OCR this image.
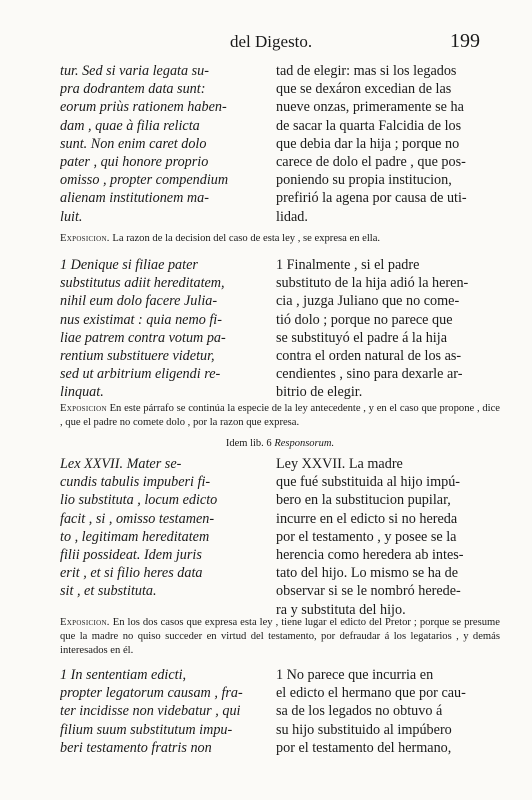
del Digesto.	199
tur. Sed si varia legata su-
pra dodrantem data sunt:
eorum priùs rationem haben-
dam , quae à filia relicta
sunt. Non enim caret dolo
pater , qui honore proprio
omisso , propter compendium
alienam institutionem ma-
luit.
tad de elegir: mas si los legados
que se dexáron excedian de las
nueve onzas, primeramente se ha
de sacar la quarta Falcidia de los
que debia dar la hija ; porque no
carece de dolo el padre , que pos-
poniendo su propia institucion,
prefirió la agena por causa de uti-
lidad.
Exposicion. La razon de la decision del caso de esta ley , se expresa en ella.
1 Denique si filiae pater
substitutus adiit hereditatem,
nihil eum dolo facere Julia-
nus existimat : quia nemo fi-
liae patrem contra votum pa-
rentium substituere videtur,
sed ut arbitrium eligendi re-
linquat.
1 Finalmente , si el padre
substituto de la hija adió la heren-
cia , juzga Juliano que no come-
tió dolo ; porque no parece que
se substituyó el padre á la hija
contra el orden natural de los as-
cendientes , sino para dexarle ar-
bitrio de elegir.
Exposicion En este párrafo se continúa la especie de la ley antecedente , y en el caso que propone , dice , que el padre no comete dolo , por la razon que expresa.
Idem lib. 6 Responsorum.
Lex XXVII. Mater se-
cundis tabulis impuberi fi-
lio substituta , locum edicto
facit , si , omisso testamen-
to , legitimam hereditatem
filii possideat. Idem juris
erit , et si filio heres data
sit , et substituta.
Ley XXVII. La madre
que fué substituida al hijo impú-
bero en la substitucion pupilar,
incurre en el edicto si no hereda
por el testamento , y posee se la
herencia como heredera ab intes-
tato del hijo. Lo mismo se ha de
observar si se le nombró herede-
ra y substituta del hijo.
Exposicion. En los dos casos que expresa esta ley , tiene lugar el edicto del Pretor ; porque se presume que la madre no quiso succeder en virtud del testamento, por defraudar á los legatarios , y demás interesados en él.
1 In sententiam edicti,
propter legatorum causam , fra-
ter incidisse non videbatur , qui
filium suum substitutum impu-
beri testamento fratris non
1 No parece que incurria en
el edicto el hermano que por cau-
sa de los legados no obtuvo á
su hijo substituido al impúbero
por el testamento del hermano,
